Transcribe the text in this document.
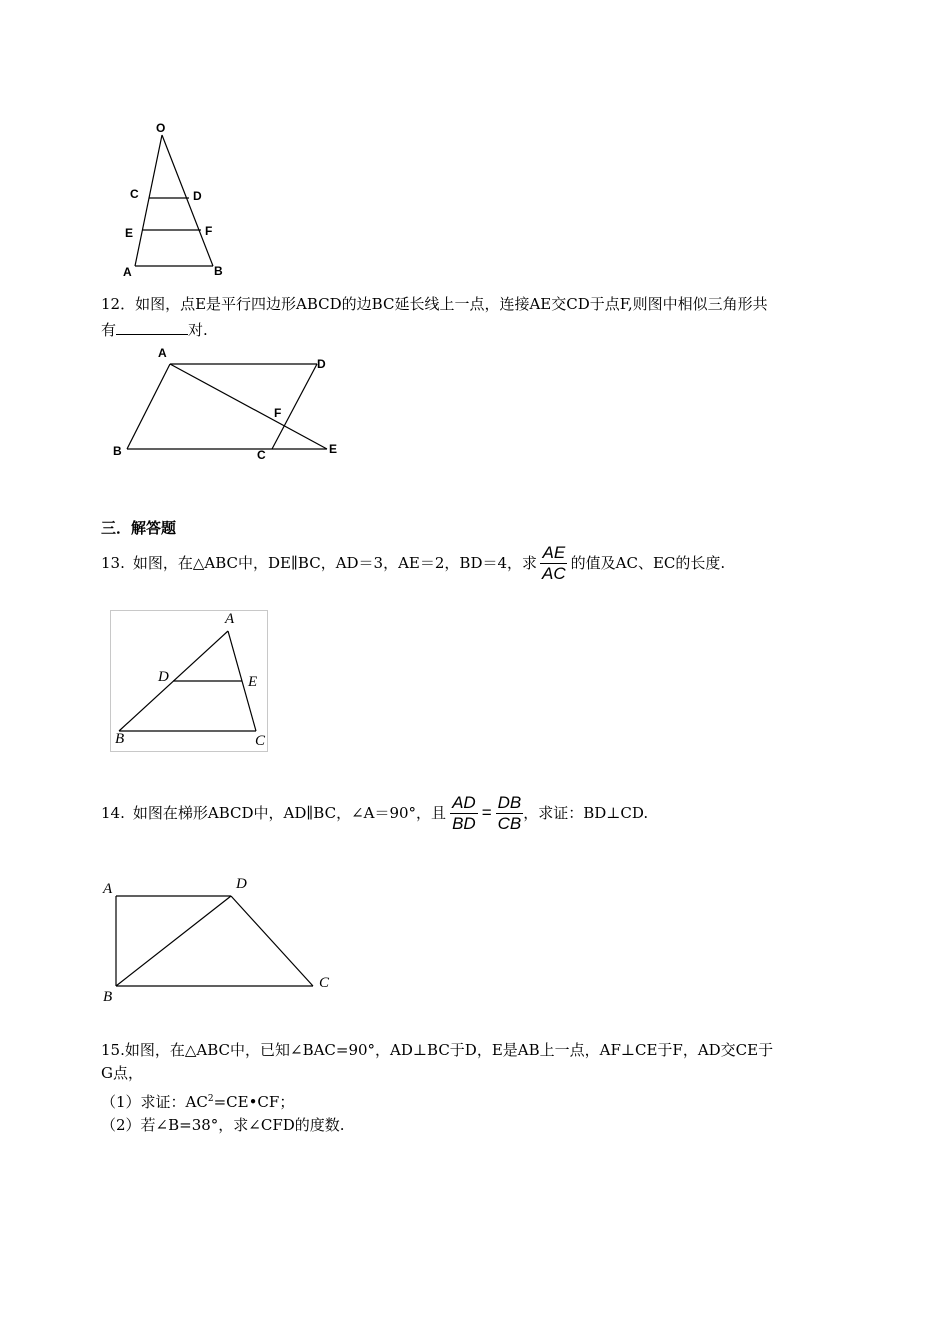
O
C	D
E	F
A	B
12．如图，点E是平行四边形ABCD的边BC延长线上一点，连接AE交CD于点F,则图中相似三角形共
有	对.
A
D
F
B	C	E
三．解答题
13. 如图，在△ABC中，DE∥BC，AD＝3，AE＝2，BD＝4，求 $\frac{AE}{AC}$ 的值及AC、EC的长度.
A
D	E
B	C
14. 如图在梯形ABCD中，AD∥BC，∠A＝90°，且 $\frac{AD}{BD} = \frac{DB}{CB}$ ，求证：BD⊥CD.
A	D
B
C
15.如图，在△ABC中，已知∠BAC=90°，AD⊥BC于D，E是AB上一点，AF⊥CE于F，AD交CE于
G点，
（1）求证：$AC^2=CE•CF$；
（2）若∠B=38°，求∠CFD的度数.
